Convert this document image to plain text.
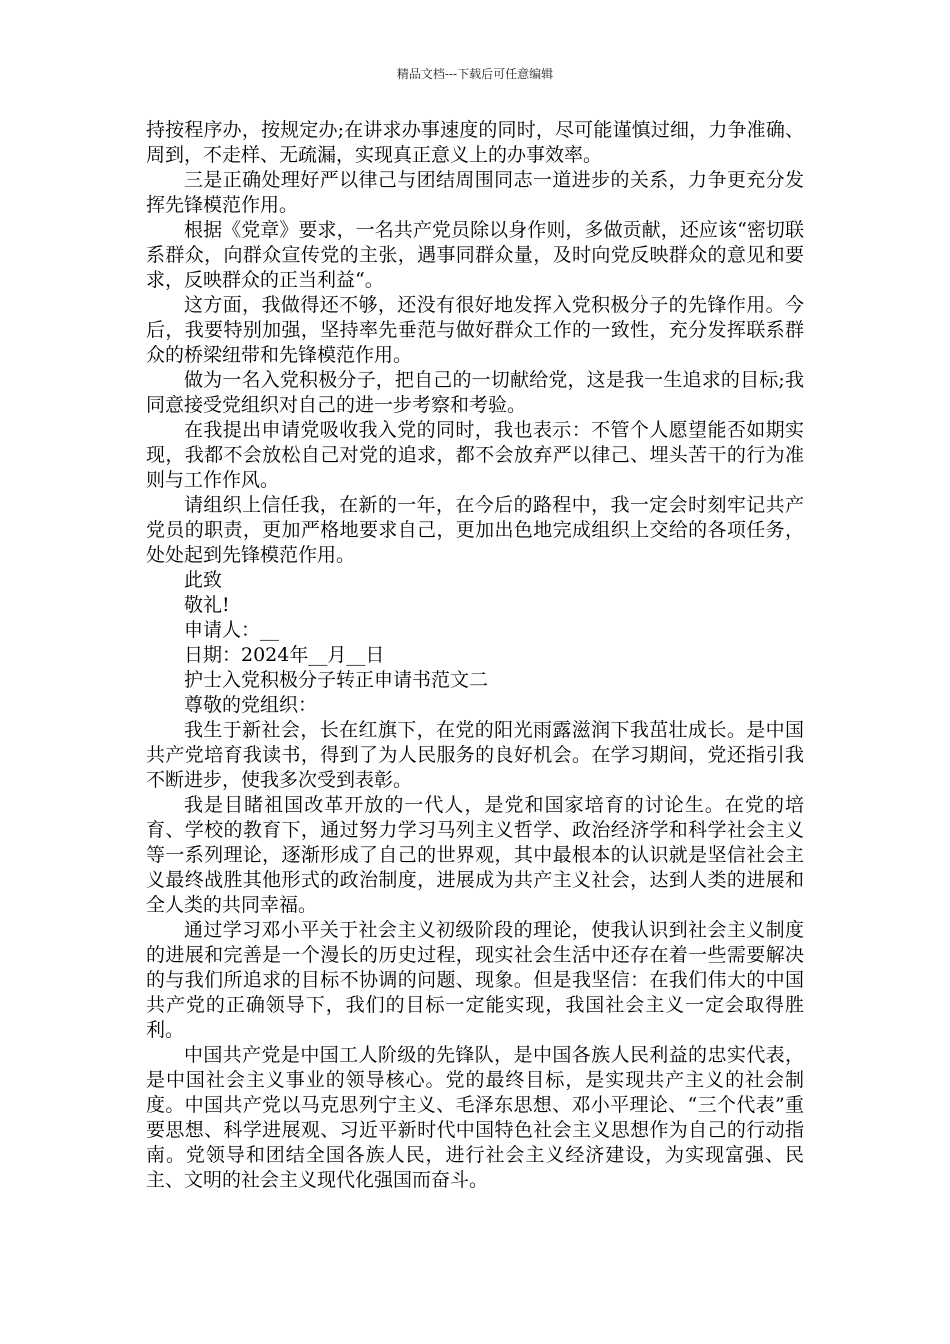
精品文档---下载后可任意编辑

持按程序办，按规定办;在讲求办事速度的同时，尽可能谨慎过细，力争准确、周到，不走样、无疏漏，实现真正意义上的办事效率。

三是正确处理好严以律己与团结周围同志一道进步的关系，力争更充分发挥先锋模范作用。

根据《党章》要求，一名共产党员除以身作则，多做贡献，还应该“密切联系群众，向群众宣传党的主张，遇事同群众量，及时向党反映群众的意见和要求，反映群众的正当利益“。

这方面，我做得还不够，还没有很好地发挥入党积极分子的先锋作用。今后，我要特别加强，坚持率先垂范与做好群众工作的一致性，充分发挥联系群众的桥梁纽带和先锋模范作用。

做为一名入党积极分子，把自己的一切献给党，这是我一生追求的目标;我同意接受党组织对自己的进一步考察和考验。

在我提出申请党吸收我入党的同时，我也表示：不管个人愿望能否如期实现，我都不会放松自己对党的追求，都不会放弃严以律己、埋头苦干的行为准则与工作作风。

请组织上信任我，在新的一年，在今后的路程中，我一定会时刻牢记共产党员的职责，更加严格地要求自己，更加出色地完成组织上交给的各项任务，处处起到先锋模范作用。

此致

敬礼!

申请人：__

日期：2024年__月__日

护士入党积极分子转正申请书范文二

尊敬的党组织：

我生于新社会，长在红旗下，在党的阳光雨露滋润下我茁壮成长。是中国共产党培育我读书，得到了为人民服务的良好机会。在学习期间，党还指引我不断进步，使我多次受到表彰。

我是目睹祖国改革开放的一代人，是党和国家培育的讨论生。在党的培育、学校的教育下，通过努力学习马列主义哲学、政治经济学和科学社会主义等一系列理论，逐渐形成了自己的世界观，其中最根本的认识就是坚信社会主义最终战胜其他形式的政治制度，进展成为共产主义社会，达到人类的进展和全人类的共同幸福。

通过学习邓小平关于社会主义初级阶段的理论，使我认识到社会主义制度的进展和完善是一个漫长的历史过程，现实社会生活中还存在着一些需要解决的与我们所追求的目标不协调的问题、现象。但是我坚信：在我们伟大的中国共产党的正确领导下，我们的目标一定能实现，我国社会主义一定会取得胜利。

中国共产党是中国工人阶级的先锋队，是中国各族人民利益的忠实代表，是中国社会主义事业的领导核心。党的最终目标，是实现共产主义的社会制度。中国共产党以马克思列宁主义、毛泽东思想、邓小平理论、“三个代表”重要思想、科学进展观、习近平新时代中国特色社会主义思想作为自己的行动指南。党领导和团结全国各族人民，进行社会主义经济建设，为实现富强、民主、文明的社会主义现代化强国而奋斗。
